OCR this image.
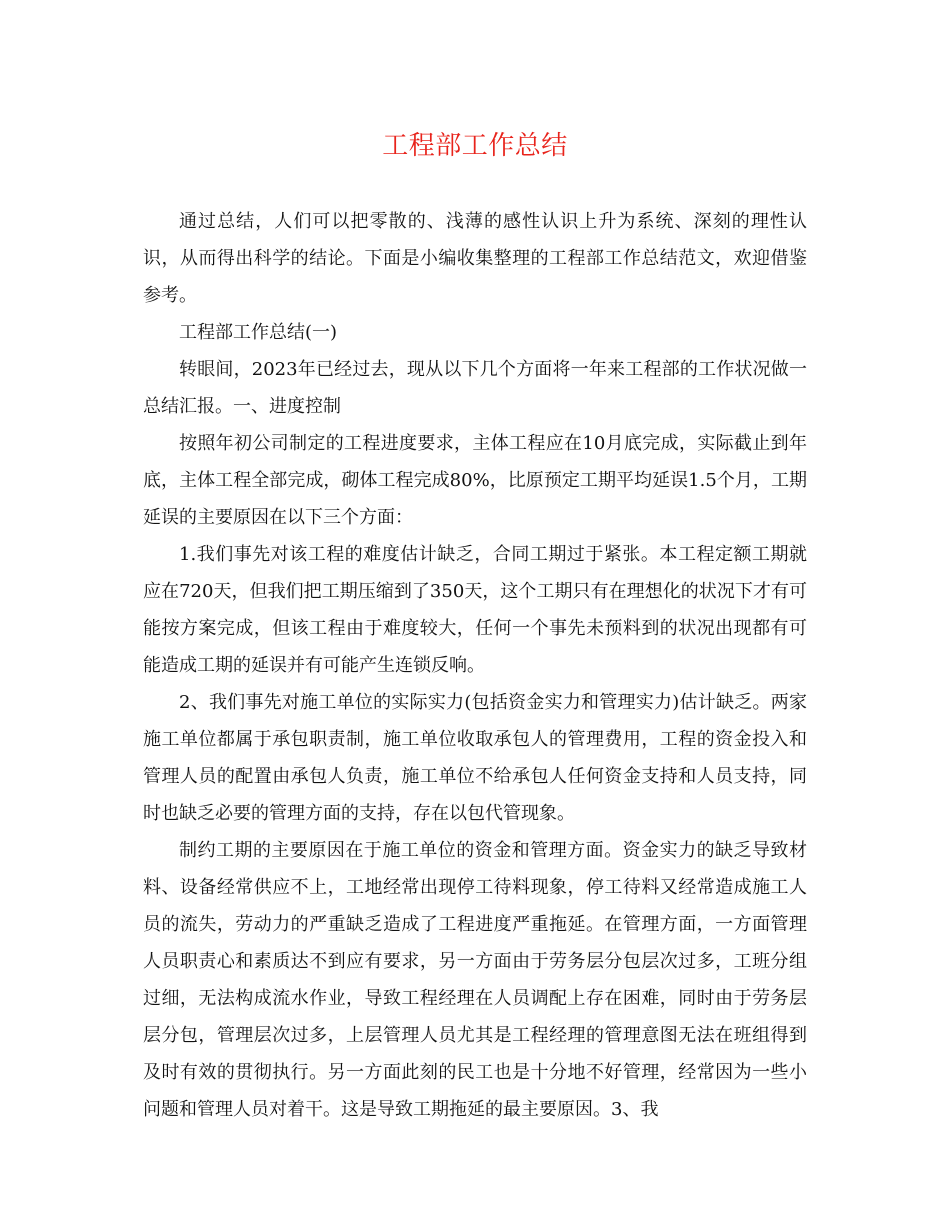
工程部工作总结

通过总结，人们可以把零散的、浅薄的感性认识上升为系统、深刻的理性认识，从而得出科学的结论。下面是小编收集整理的工程部工作总结范文，欢迎借鉴参考。

工程部工作总结(一)

转眼间，2023年已经过去，现从以下几个方面将一年来工程部的工作状况做一总结汇报。一、进度控制

按照年初公司制定的工程进度要求，主体工程应在10月底完成，实际截止到年底，主体工程全部完成，砌体工程完成80%，比原预定工期平均延误1.5个月，工期延误的主要原因在以下三个方面：

1.我们事先对该工程的难度估计缺乏，合同工期过于紧张。本工程定额工期就应在720天，但我们把工期压缩到了350天，这个工期只有在理想化的状况下才有可能按方案完成，但该工程由于难度较大，任何一个事先未预料到的状况出现都有可能造成工期的延误并有可能产生连锁反响。

2、我们事先对施工单位的实际实力(包括资金实力和管理实力)估计缺乏。两家施工单位都属于承包职责制，施工单位收取承包人的管理费用，工程的资金投入和管理人员的配置由承包人负责，施工单位不给承包人任何资金支持和人员支持，同时也缺乏必要的管理方面的支持，存在以包代管现象。

制约工期的主要原因在于施工单位的资金和管理方面。资金实力的缺乏导致材料、设备经常供应不上，工地经常出现停工待料现象，停工待料又经常造成施工人员的流失，劳动力的严重缺乏造成了工程进度严重拖延。在管理方面，一方面管理人员职责心和素质达不到应有要求，另一方面由于劳务层分包层次过多，工班分组过细，无法构成流水作业，导致工程经理在人员调配上存在困难，同时由于劳务层层分包，管理层次过多，上层管理人员尤其是工程经理的管理意图无法在班组得到及时有效的贯彻执行。另一方面此刻的民工也是十分地不好管理，经常因为一些小问题和管理人员对着干。这是导致工期拖延的最主要原因。3、我
